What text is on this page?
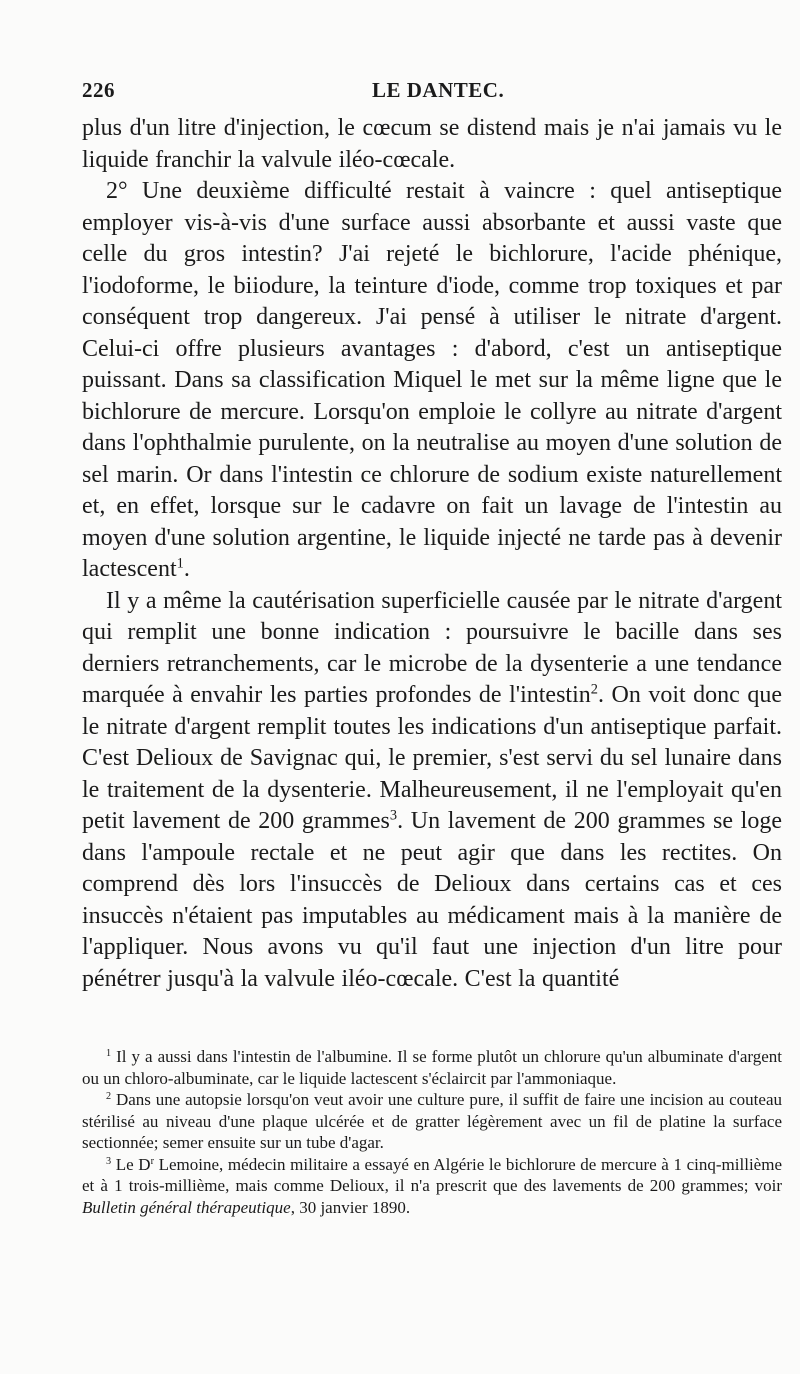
226	LE DANTEC.

plus d'un litre d'injection, le cœcum se distend mais je n'ai jamais vu le liquide franchir la valvule iléo-cœcale.

2° Une deuxième difficulté restait à vaincre : quel antiseptique employer vis-à-vis d'une surface aussi absorbante et aussi vaste que celle du gros intestin? J'ai rejeté le bichlorure, l'acide phénique, l'iodoforme, le biiodure, la teinture d'iode, comme trop toxiques et par conséquent trop dangereux. J'ai pensé à utiliser le nitrate d'argent. Celui-ci offre plusieurs avantages : d'abord, c'est un antiseptique puissant. Dans sa classification Miquel le met sur la même ligne que le bichlorure de mercure. Lorsqu'on emploie le collyre au nitrate d'argent dans l'ophthalmie purulente, on la neutralise au moyen d'une solution de sel marin. Or dans l'intestin ce chlorure de sodium existe naturellement et, en effet, lorsque sur le cadavre on fait un lavage de l'intestin au moyen d'une solution argentine, le liquide injecté ne tarde pas à devenir lactescent$^1$.

Il y a même la cautérisation superficielle causée par le nitrate d'argent qui remplit une bonne indication : poursuivre le bacille dans ses derniers retranchements, car le microbe de la dysenterie a une tendance marquée à envahir les parties profondes de l'intestin$^2$. On voit donc que le nitrate d'argent remplit toutes les indications d'un antiseptique parfait. C'est Delioux de Savignac qui, le premier, s'est servi du sel lunaire dans le traitement de la dysenterie. Malheureusement, il ne l'employait qu'en petit lavement de 200 grammes$^3$. Un lavement de 200 grammes se loge dans l'ampoule rectale et ne peut agir que dans les rectites. On comprend dès lors l'insuccès de Delioux dans certains cas et ces insuccès n'étaient pas imputables au médicament mais à la manière de l'appliquer. Nous avons vu qu'il faut une injection d'un litre pour pénétrer jusqu'à la valvule iléo-cœcale. C'est la quantité

$^1$ Il y a aussi dans l'intestin de l'albumine. Il se forme plutôt un chlorure qu'un albuminate d'argent ou un chloro-albuminate, car le liquide lactescent s'éclaircit par l'ammoniaque.

$^2$ Dans une autopsie lorsqu'on veut avoir une culture pure, il suffit de faire une incision au couteau stérilisé au niveau d'une plaque ulcérée et de gratter légèrement avec un fil de platine la surface sectionnée; semer ensuite sur un tube d'agar.

$^3$ Le $D^r$ Lemoine, médecin militaire a essayé en Algérie le bichlorure de mercure à 1 cinq-millième et à 1 trois-millième, mais comme Delioux, il n'a prescrit que des lavements de 200 grammes; voir Bulletin général thérapeutique, 30 janvier 1890.
